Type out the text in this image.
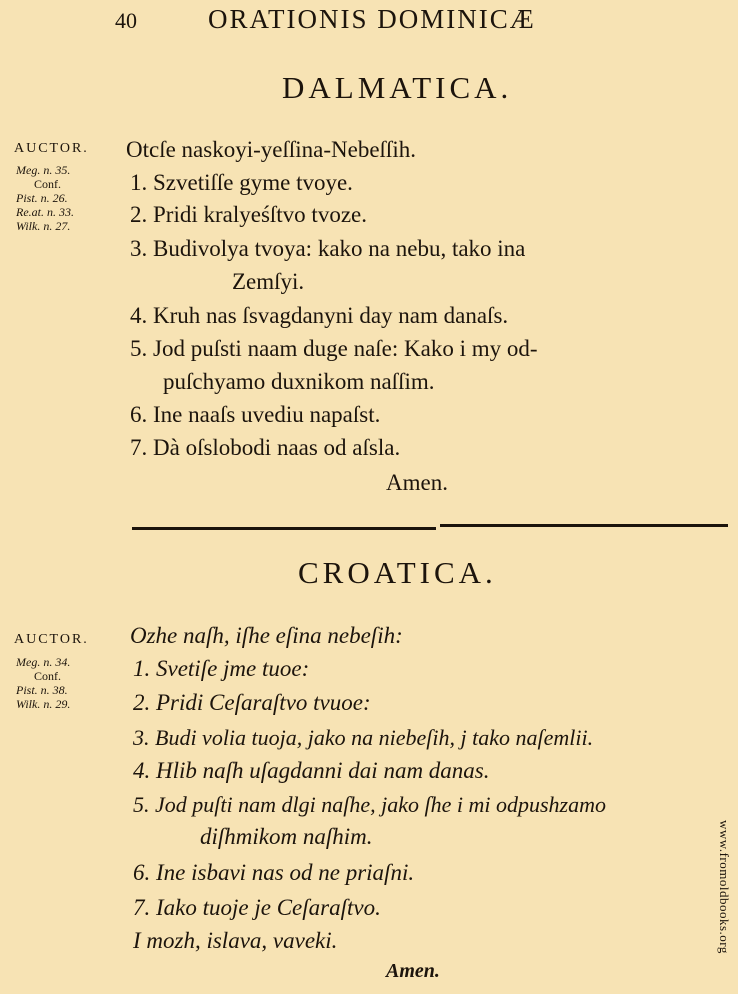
40	ORATIONIS DOMINICÆ
DALMATICA.
AUCTOR.
Meg. n. 35.
Conf.
Pist. n. 26.
Re.at. n. 33.
Wilk. n. 27.
Otcſe naskoyi-yeſſina-Nebeſſih.
1. Szvetiſſe gyme tvoye.
2. Pridi kralyeśſtvo tvoze.
3. Budivolya tvoya: kako na nebu, tako ina
Zemſyi.
4. Kruh nas ſsvagdanyni day nam danaſs.
5. Jod puſsti naam duge naſe: Kako i my od-
puſchyamo duxnikom naſſim.
6. Ine naaſs uvediu napaſst.
7. Dà oſslobodi naas od aſsla.
Amen.
CROATICA.
AUCTOR.
Meg. n. 34.
Conf.
Pist. n. 38.
Wilk. n. 29.
Ozhe naſh, iſhe eſina nebeſih:
1. Svetiſe jme tuoe:
2. Pridi Ceſaraſtvo tvuoe:
3. Budi volia tuoja, jako na niebeſih, j tako naſemlii.
4. Hlib naſh uſagdanni dai nam danas.
5. Jod puſti nam dlgi naſhe, jako ſhe i mi odpushzamo
diſhmikom naſhim.
6. Ine isbavi nas od ne priaſni.
7. Iako tuoje je Ceſaraſtvo.
I mozh, islava, vaveki.
Amen.
www.fromoldbooks.org
